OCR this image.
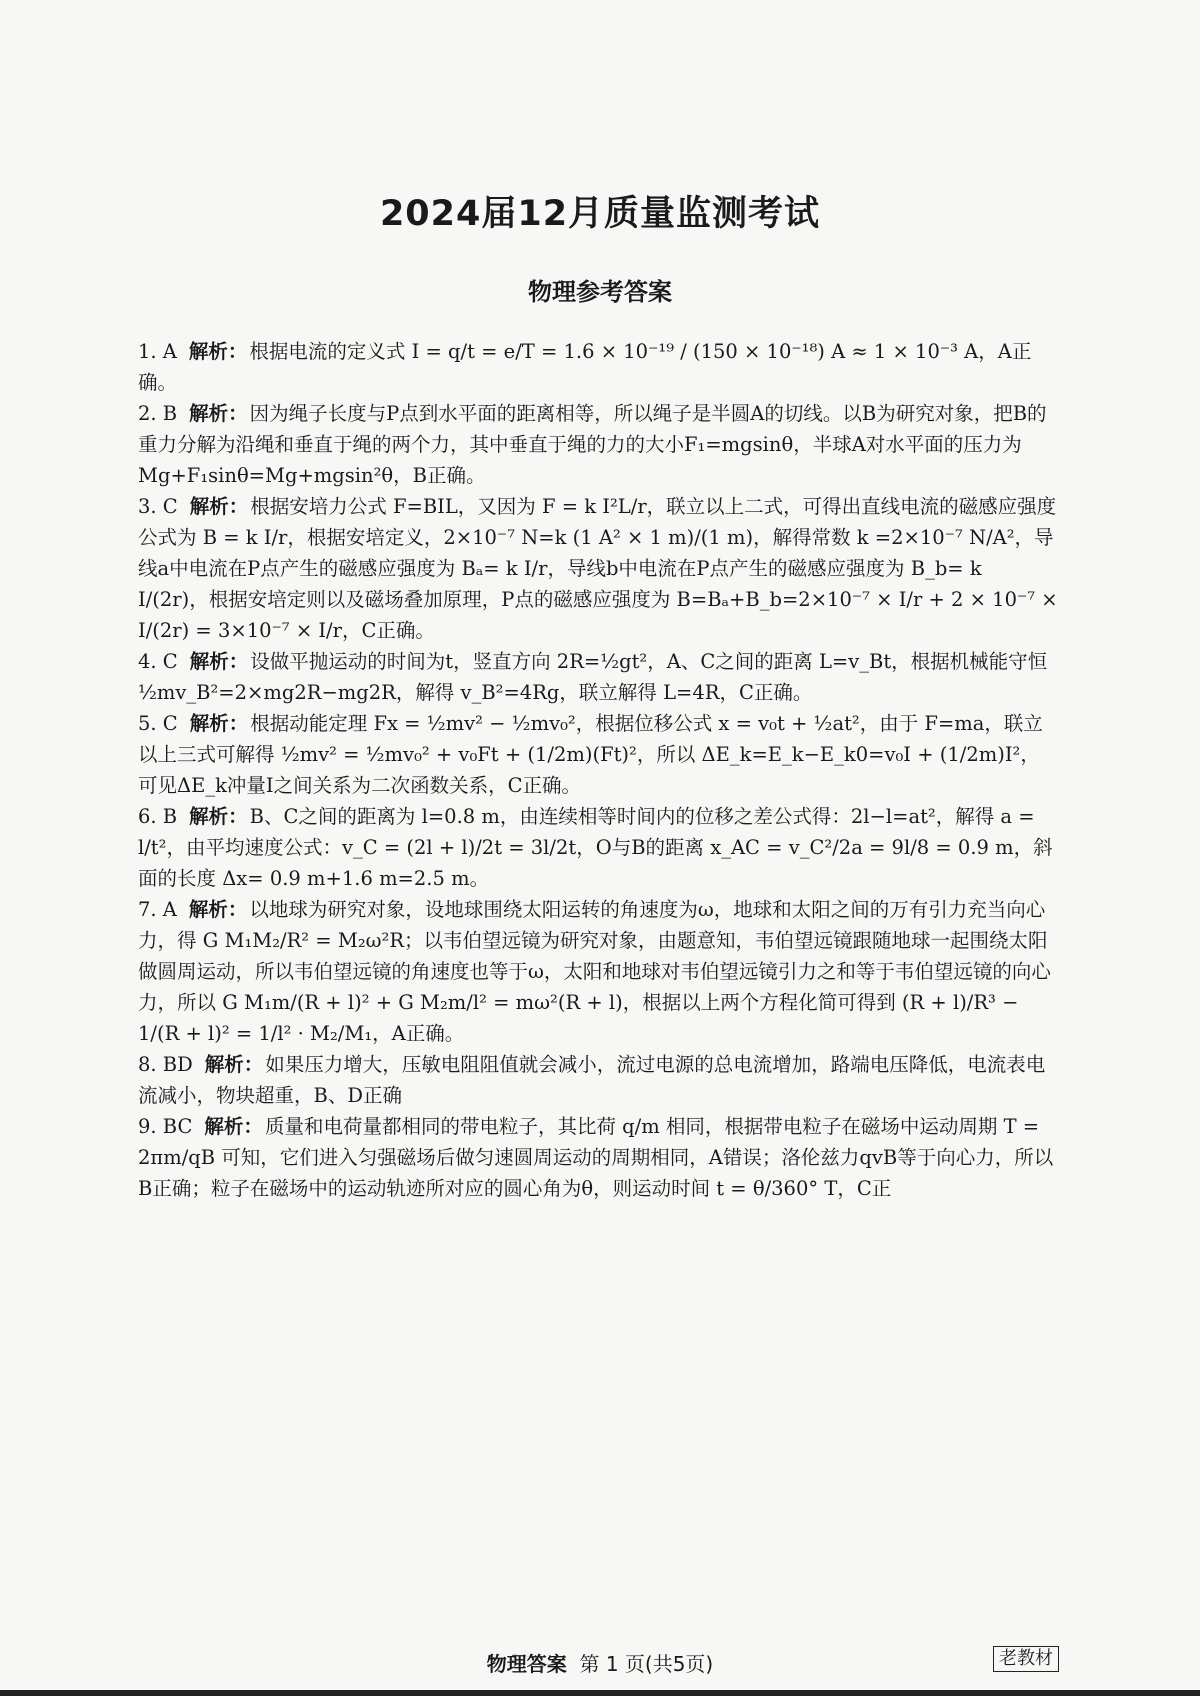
2024届12月质量监测考试
物理参考答案

1. A 解析： 根据电流的定义式 I = q/t = e/T = 1.6 × 10⁻¹⁹ / (150 × 10⁻¹⁸) A ≈ 1 × 10⁻³ A，A正确。

2. B 解析： 因为绳子长度与P点到水平面的距离相等，所以绳子是半圆A的切线。以B为研究对象，把B的重力分解为沿绳和垂直于绳的两个力，其中垂直于绳的力的大小F₁=mgsinθ，半球A对水平面的压力为Mg+F₁sinθ=Mg+mgsin²θ，B正确。

3. C 解析： 根据安培力公式 F=BIL，又因为 F = k I²L/r，联立以上二式，可得出直线电流的磁感应强度公式为 B = k I/r，根据安培定义，2×10⁻⁷ N=k (1 A² × 1 m)/(1 m)，解得常数 k =2×10⁻⁷ N/A²，导线a中电流在P点产生的磁感应强度为 Bₐ= k I/r，导线b中电流在P点产生的磁感应强度为 B_b= k I/(2r)，根据安培定则以及磁场叠加原理，P点的磁感应强度为 B=Bₐ+B_b=2×10⁻⁷ × I/r + 2 × 10⁻⁷ × I/(2r) = 3×10⁻⁷ × I/r，C正确。

4. C 解析： 设做平抛运动的时间为t，竖直方向 2R=½gt²，A、C之间的距离 L=v_Bt，根据机械能守恒 ½mv_B²=2×mg2R−mg2R，解得 v_B²=4Rg，联立解得 L=4R，C正确。

5. C 解析： 根据动能定理 Fx = ½mv² − ½mv₀²，根据位移公式 x = v₀t + ½at²，由于 F=ma，联立以上三式可解得 ½mv² = ½mv₀² + v₀Ft + (1/2m)(Ft)²，所以 ΔE_k=E_k−E_k0=v₀I + (1/2m)I²，可见ΔE_k冲量I之间关系为二次函数关系，C正确。

6. B 解析： B、C之间的距离为 l=0.8 m，由连续相等时间内的位移之差公式得：2l−l=at²，解得 a = l/t²，由平均速度公式：v_C = (2l + l)/2t = 3l/2t，O与B的距离 x_AC = v_C²/2a = 9l/8 = 0.9 m，斜面的长度 Δx= 0.9 m+1.6 m=2.5 m。

7. A 解析： 以地球为研究对象，设地球围绕太阳运转的角速度为ω，地球和太阳之间的万有引力充当向心力，得 G M₁M₂/R² = M₂ω²R；以韦伯望远镜为研究对象，由题意知，韦伯望远镜跟随地球一起围绕太阳做圆周运动，所以韦伯望远镜的角速度也等于ω，太阳和地球对韦伯望远镜引力之和等于韦伯望远镜的向心力，所以 G M₁m/(R + l)² + G M₂m/l² = mω²(R + l)，根据以上两个方程化简可得到 (R + l)/R³ − 1/(R + l)² = 1/l² · M₂/M₁，A正确。

8. BD 解析： 如果压力增大，压敏电阻阻值就会减小，流过电源的总电流增加，路端电压降低，电流表电流减小，物块超重，B、D正确

9. BC 解析： 质量和电荷量都相同的带电粒子，其比荷 q/m 相同，根据带电粒子在磁场中运动周期 T = 2πm/qB 可知，它们进入匀强磁场后做匀速圆周运动的周期相同，A错误；洛伦兹力qvB等于向心力，所以B正确；粒子在磁场中的运动轨迹所对应的圆心角为θ，则运动时间 t = θ/360° T，C正

物理答案 第 1 页(共5页)	老教材
